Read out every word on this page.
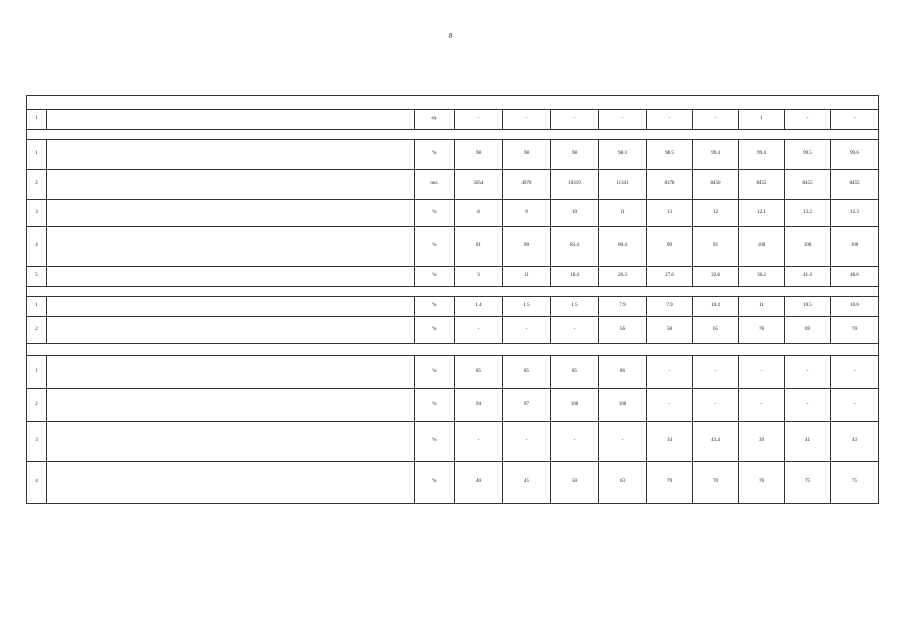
8

1		ед.	-	-	-	-	-	-	1	-	-

1		%	98	98	98	98.3	98.5	99.4	99.4	99.5	99.6
2		чел.	5054	4970	10319	11341	8378	8450	8455	8455	8455
3		%	8	9	10	11	13	12	12.1	12.2	12.3
4		%	81	90	83.4	80.4	90	95	100	100	100
5		%	3	11	18.4	26.3	27.6	32.8	36.2	41.4	46.6

1		%	1.4	1.5	1.5	7.9	7.9	10.4	11	10.5	10.6
2		%	-	-	-	56	58	65	78	69	70

1		%	85	85	85	86	-	-	-	-	-
2		%	94	97	100	100	-	-	-	-	-
3		%	-	-	-	-	34	43.4	39	41	43
4		%	40	45	50	63	79	70	70	75	75
